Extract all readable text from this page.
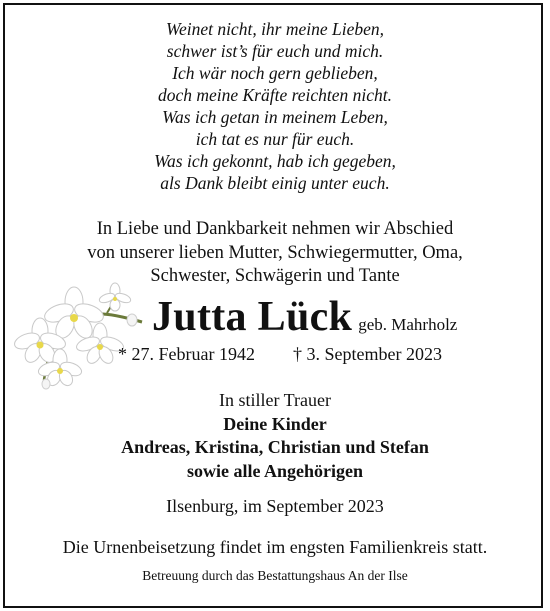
Weinet nicht, ihr meine Lieben,
schwer ist’s für euch und mich.
Ich wär noch gern geblieben,
doch meine Kräfte reichten nicht.
Was ich getan in meinem Leben,
ich tat es nur für euch.
Was ich gekonnt, hab ich gegeben,
als Dank bleibt einig unter euch.
In Liebe und Dankbarkeit nehmen wir Abschied
von unserer lieben Mutter, Schwiegermutter, Oma,
Schwester, Schwägerin und Tante
Jutta Lück geb. Mahrholz
* 27. Februar 1942 † 3. September 2023
In stiller Trauer
Deine Kinder
Andreas, Kristina, Christian und Stefan
sowie alle Angehörigen
Ilsenburg, im September 2023
Die Urnenbeisetzung findet im engsten Familienkreis statt.
Betreuung durch das Bestattungshaus An der Ilse
